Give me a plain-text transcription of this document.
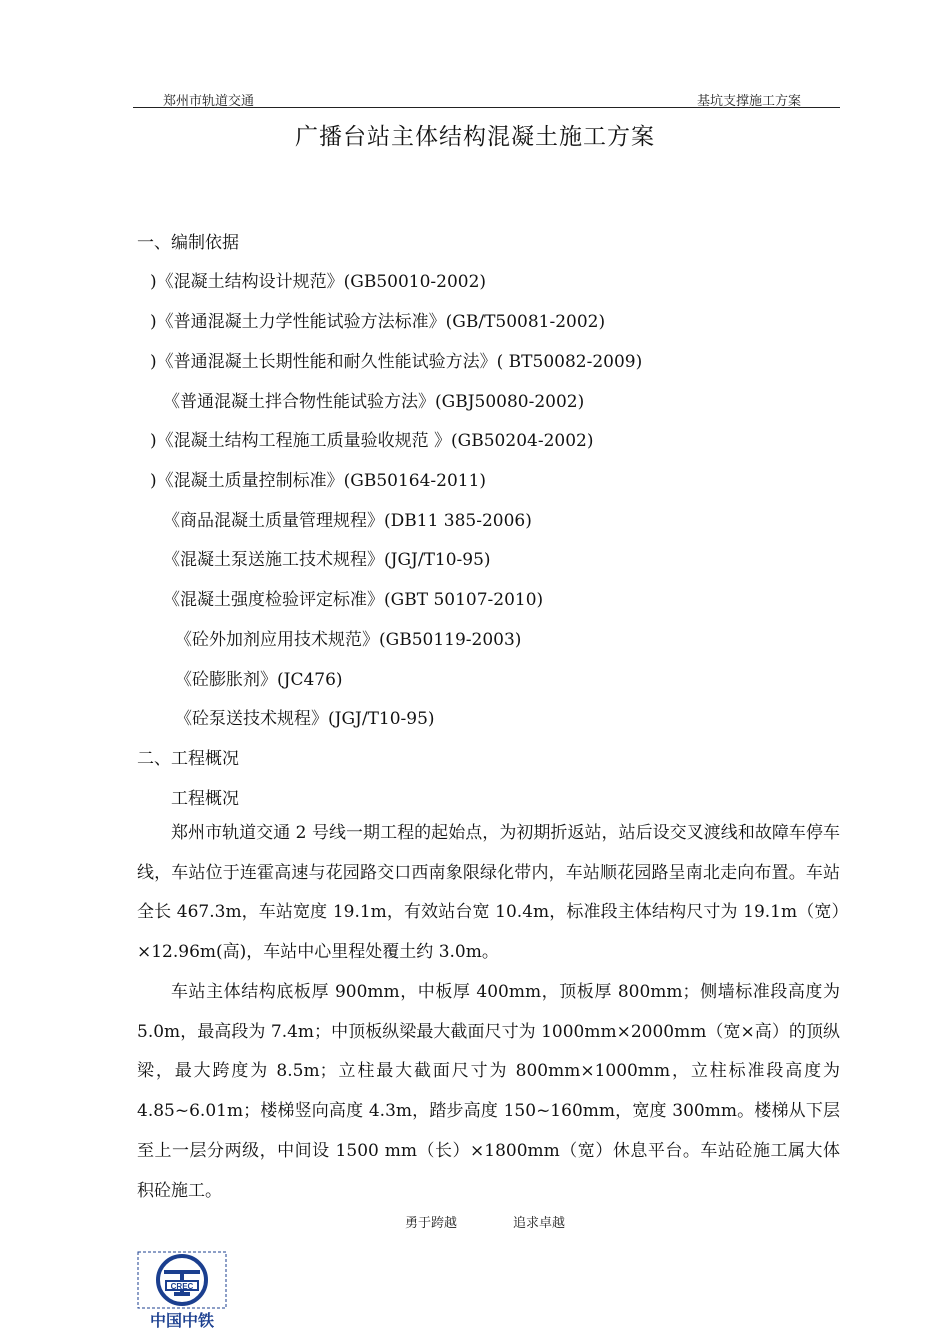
郑州市轨道交通	基坑支撑施工方案
广播台站主体结构混凝土施工方案
一、编制依据
)《混凝土结构设计规范》(GB50010-2002)
)《普通混凝土力学性能试验方法标准》(GB/T50081-2002)
)《普通混凝土长期性能和耐久性能试验方法》( BT50082-2009)
《普通混凝土拌合物性能试验方法》(GBJ50080-2002)
)《混凝土结构工程施工质量验收规范 》(GB50204-2002)
)《混凝土质量控制标准》(GB50164-2011)
《商品混凝土质量管理规程》(DB11 385-2006)
《混凝土泵送施工技术规程》(JGJ/T10-95)
《混凝土强度检验评定标准》(GBT 50107-2010)
《砼外加剂应用技术规范》(GB50119-2003)
《砼膨胀剂》(JC476)
《砼泵送技术规程》(JGJ/T10-95)
二、工程概况
工程概况

郑州市轨道交通 2 号线一期工程的起始点，为初期折返站，站后设交叉渡线和故障车停车线，车站位于连霍高速与花园路交口西南象限绿化带内，车站顺花园路呈南北走向布置。车站全长 467.3m，车站宽度 19.1m，有效站台宽 10.4m，标准段主体结构尺寸为 19.1m（宽）×12.96m(高)，车站中心里程处覆土约 3.0m。

车站主体结构底板厚 900mm，中板厚 400mm，顶板厚 800mm；侧墙标准段高度为 5.0m，最高段为 7.4m；中顶板纵梁最大截面尺寸为 1000mm×2000mm（宽×高）的顶纵梁，最大跨度为 8.5m；立柱最大截面尺寸为 800mm×1000mm，立柱标准段高度为 4.85~6.01m；楼梯竖向高度 4.3m，踏步高度 150~160mm，宽度 300mm。楼梯从下层至上一层分两级，中间设 1500 mm（长）×1800mm（宽）休息平台。车站砼施工属大体积砼施工。

勇于跨越	追求卓越
CREC
中国中铁
